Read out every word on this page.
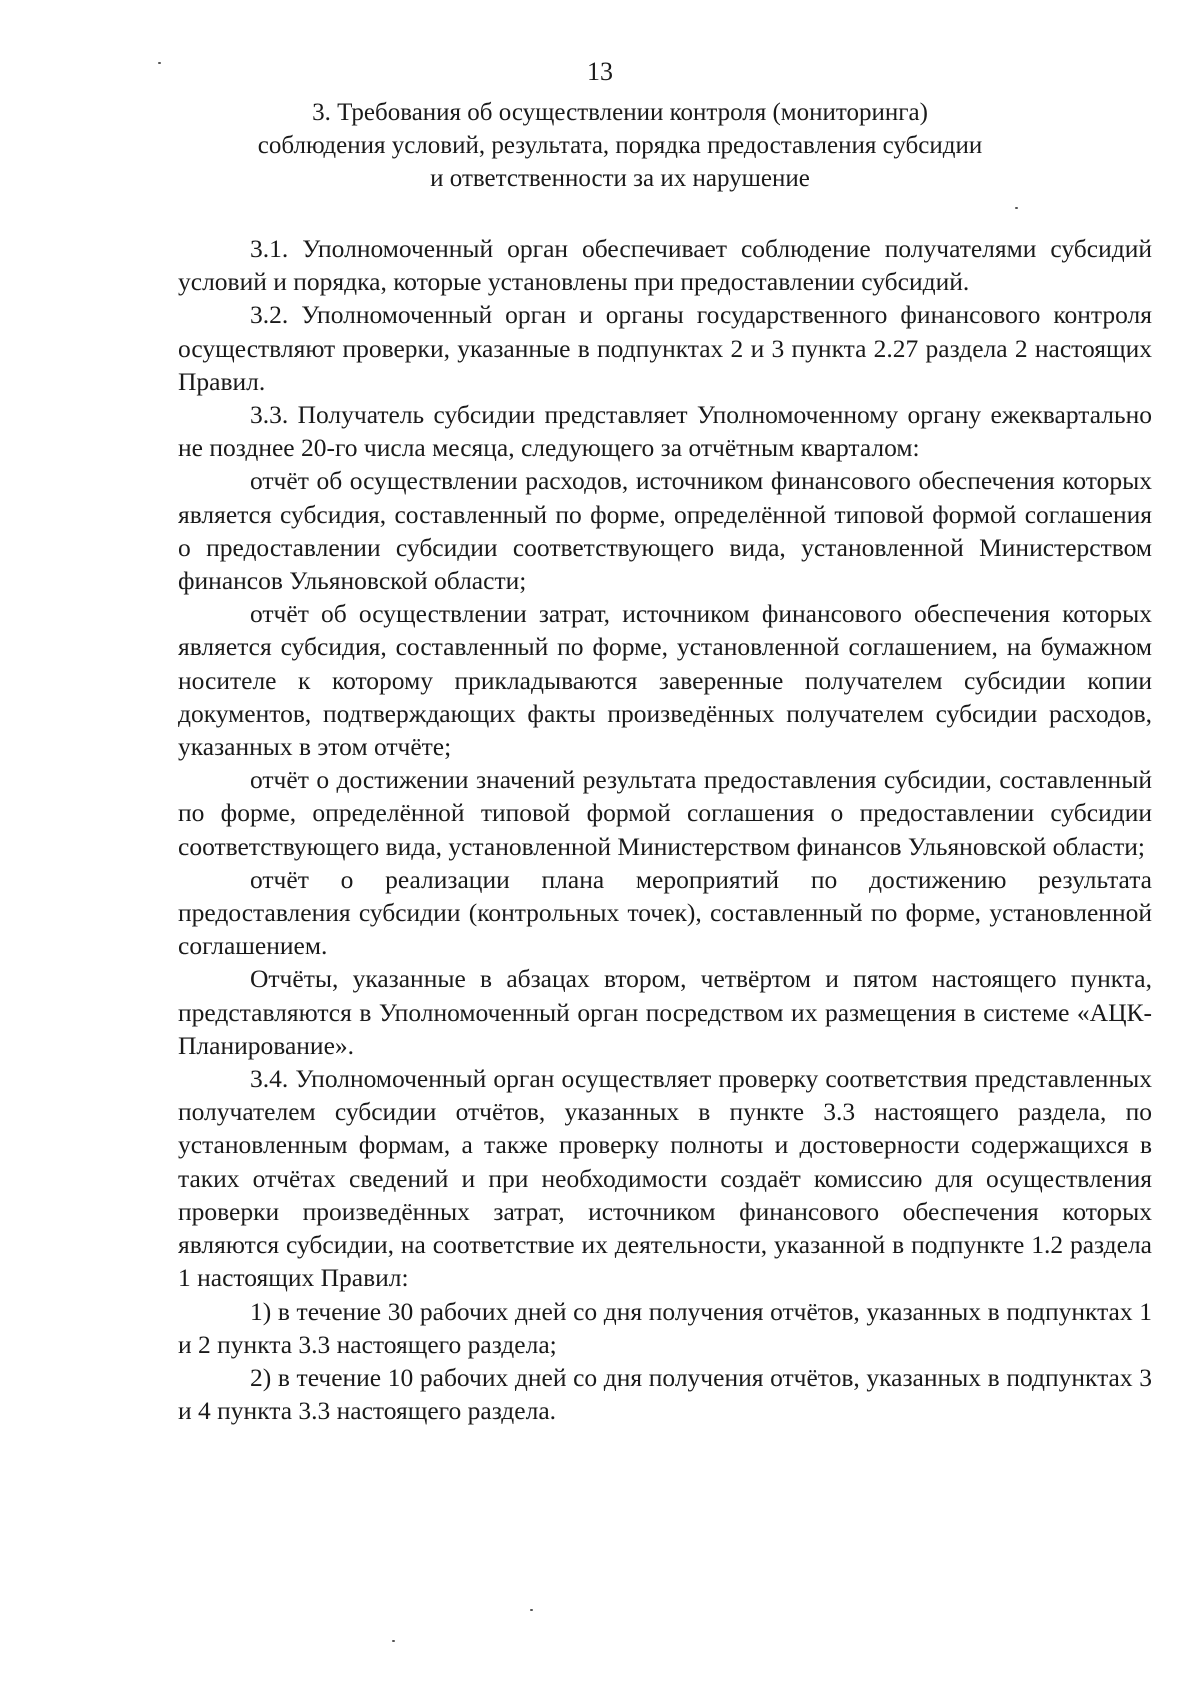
13
3. Требования об осуществлении контроля (мониторинга)
соблюдения условий, результата, порядка предоставления субсидии
и ответственности за их нарушение

3.1. Уполномоченный орган обеспечивает соблюдение получателями субсидий условий и порядка, которые установлены при предоставлении субсидий.

3.2. Уполномоченный орган и органы государственного финансового контроля осуществляют проверки, указанные в подпунктах 2 и 3 пункта 2.27 раздела 2 настоящих Правил.

3.3. Получатель субсидии представляет Уполномоченному органу ежеквартально не позднее 20-го числа месяца, следующего за отчётным кварталом:

отчёт об осуществлении расходов, источником финансового обеспечения которых является субсидия, составленный по форме, определённой типовой формой соглашения о предоставлении субсидии соответствующего вида, установленной Министерством финансов Ульяновской области;

отчёт об осуществлении затрат, источником финансового обеспечения которых является субсидия, составленный по форме, установленной соглашением, на бумажном носителе к которому прикладываются заверенные получателем субсидии копии документов, подтверждающих факты произведённых получателем субсидии расходов, указанных в этом отчёте;

отчёт о достижении значений результата предоставления субсидии, составленный по форме, определённой типовой формой соглашения о предоставлении субсидии соответствующего вида, установленной Министерством финансов Ульяновской области;

отчёт о реализации плана мероприятий по достижению результата предоставления субсидии (контрольных точек), составленный по форме, установленной соглашением.

Отчёты, указанные в абзацах втором, четвёртом и пятом настоящего пункта, представляются в Уполномоченный орган посредством их размещения в системе «АЦК-Планирование».

3.4. Уполномоченный орган осуществляет проверку соответствия представленных получателем субсидии отчётов, указанных в пункте 3.3 настоящего раздела, по установленным формам, а также проверку полноты и достоверности содержащихся в таких отчётах сведений и при необходимости создаёт комиссию для осуществления проверки произведённых затрат, источником финансового обеспечения которых являются субсидии, на соответствие их деятельности, указанной в подпункте 1.2 раздела 1 настоящих Правил:

1) в течение 30 рабочих дней со дня получения отчётов, указанных в подпунктах 1 и 2 пункта 3.3 настоящего раздела;

2) в течение 10 рабочих дней со дня получения отчётов, указанных в подпунктах 3 и 4 пункта 3.3 настоящего раздела.
